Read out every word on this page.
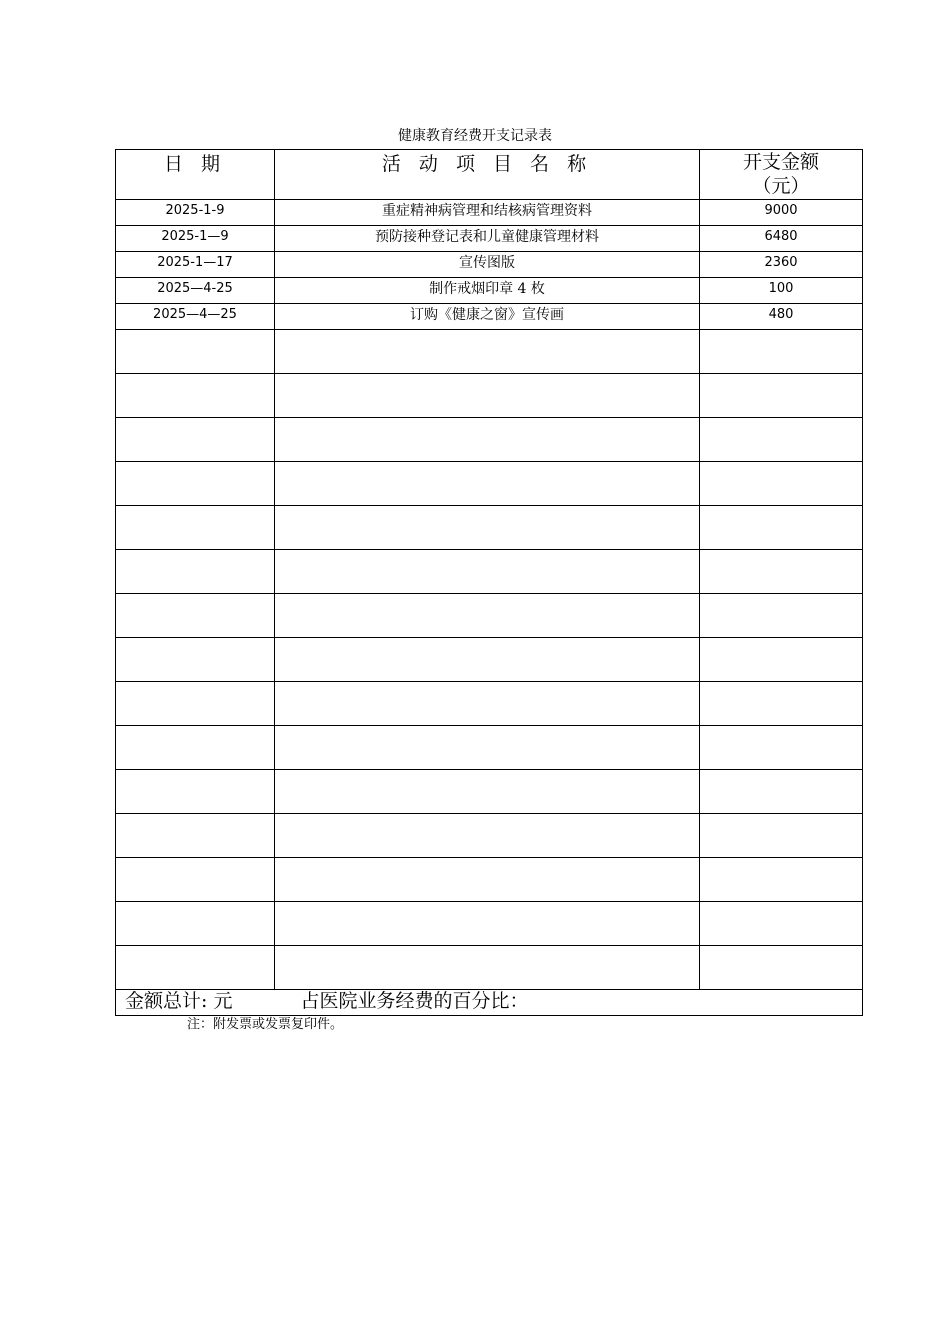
健康教育经费开支记录表
日 期	活 动 项 目 名 称	开支金额
（元）

2025-1-9	重症精神病管理和结核病管理资料	9000
2025-1—9	预防接种登记表和儿童健康管理材料	6480
2025-1—17	宣传图版	2360
2025—4-25	制作戒烟印章 4 枚	100
2025—4—25	订购《健康之窗》宣传画	480

金额总计: 元 占医院业务经费的百分比：		
注：附发票或发票复印件。
